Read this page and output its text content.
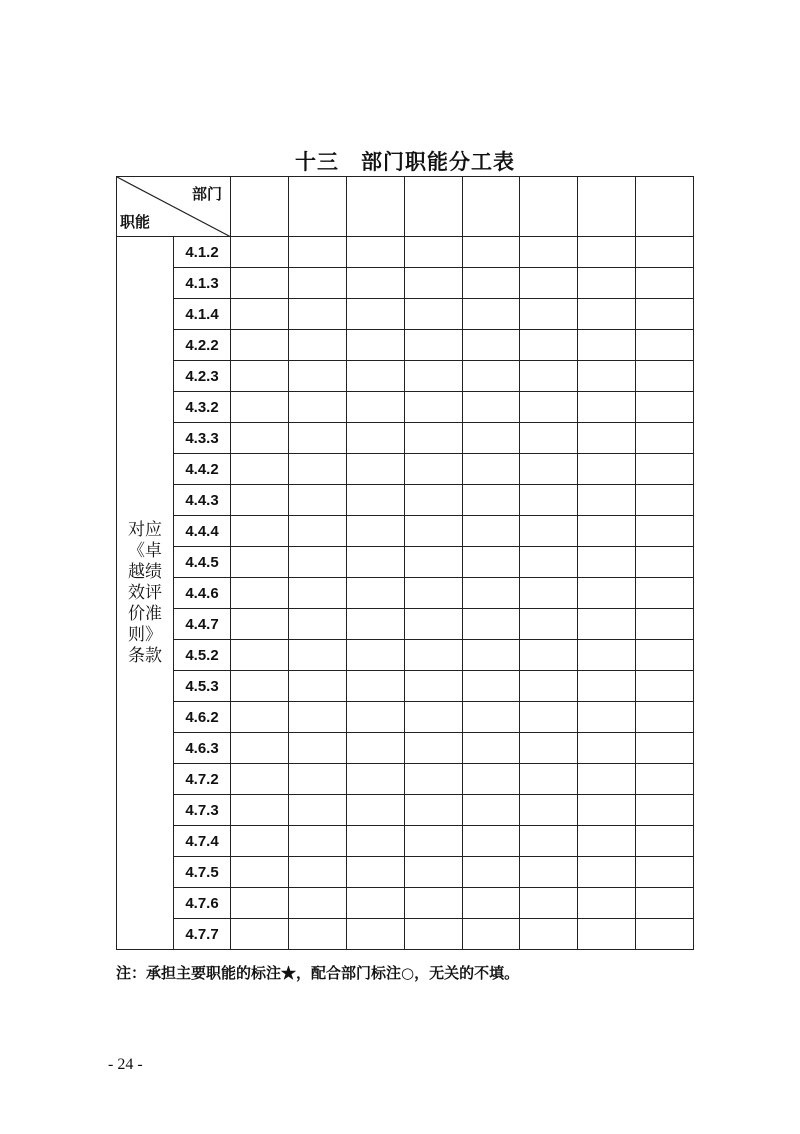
十三　部门职能分工表
部门
职能									

对应《卓越绩效评价准则》条款	4.1.2								
	4.1.3								
	4.1.4								
	4.2.2								
	4.2.3								
	4.3.2								
	4.3.3								
	4.4.2								
	4.4.3								
	4.4.4								
	4.4.5								
	4.4.6								
	4.4.7								
	4.5.2								
	4.5.3								
	4.6.2								
	4.6.3								
	4.7.2								
	4.7.3								
	4.7.4								
	4.7.5								
	4.7.6								
	4.7.7								
注：承担主要职能的标注★，配合部门标注○，无关的不填。
- 24 -
